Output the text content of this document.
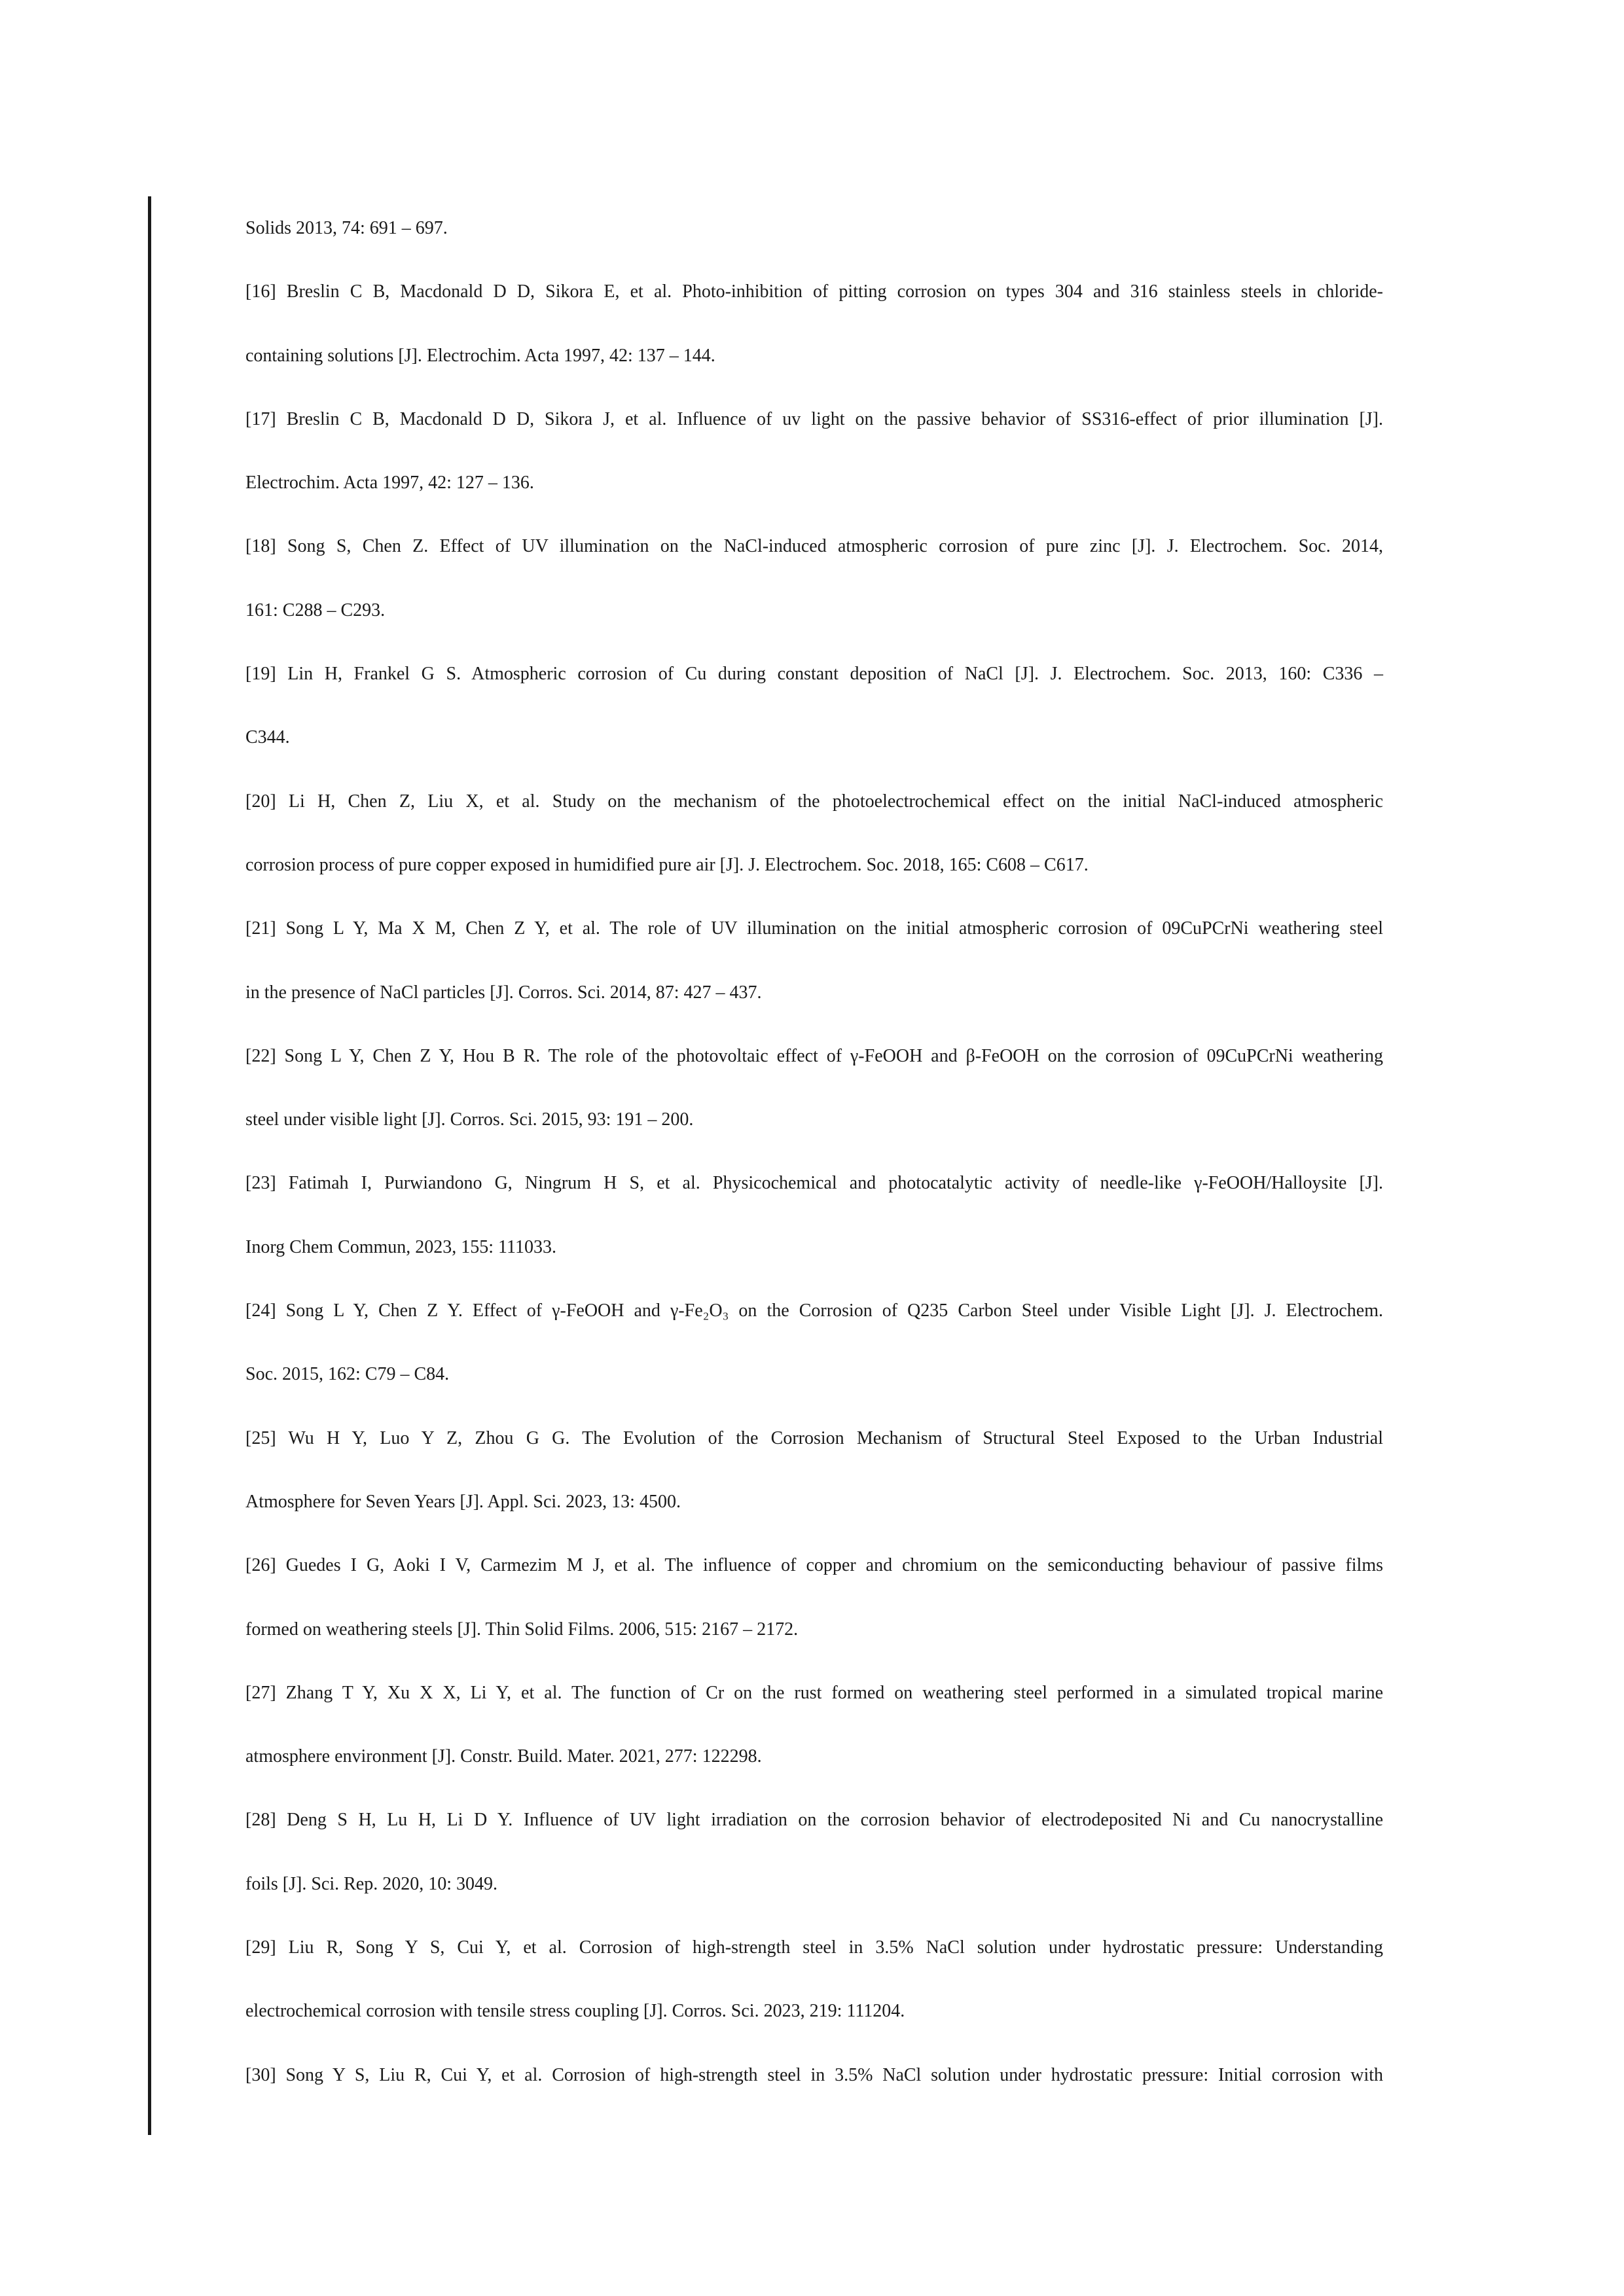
Solids 2013, 74: 691 – 697.
[16] Breslin C B, Macdonald D D, Sikora E, et al. Photo-inhibition of pitting corrosion on types 304 and 316 stainless steels in chloride-
containing solutions [J]. Electrochim. Acta 1997, 42: 137 – 144.
[17] Breslin C B, Macdonald D D, Sikora J, et al. Influence of uv light on the passive behavior of SS316-effect of prior illumination [J].
Electrochim. Acta 1997, 42: 127 – 136.
[18] Song S, Chen Z. Effect of UV illumination on the NaCl-induced atmospheric corrosion of pure zinc [J]. J. Electrochem. Soc. 2014,
161: C288 – C293.
[19] Lin H, Frankel G S. Atmospheric corrosion of Cu during constant deposition of NaCl [J]. J. Electrochem. Soc. 2013, 160: C336 –
C344.
[20] Li H, Chen Z, Liu X, et al. Study on the mechanism of the photoelectrochemical effect on the initial NaCl-induced atmospheric
corrosion process of pure copper exposed in humidified pure air [J]. J. Electrochem. Soc. 2018, 165: C608 – C617.
[21] Song L Y, Ma X M, Chen Z Y, et al. The role of UV illumination on the initial atmospheric corrosion of 09CuPCrNi weathering steel
in the presence of NaCl particles [J]. Corros. Sci. 2014, 87: 427 – 437.
[22] Song L Y, Chen Z Y, Hou B R. The role of the photovoltaic effect of γ-FeOOH and β-FeOOH on the corrosion of 09CuPCrNi weathering
steel under visible light [J]. Corros. Sci. 2015, 93: 191 – 200.
[23] Fatimah I, Purwiandono G, Ningrum H S, et al. Physicochemical and photocatalytic activity of needle-like γ-FeOOH/Halloysite [J].
Inorg Chem Commun, 2023, 155: 111033.
[24] Song L Y, Chen Z Y. Effect of γ-FeOOH and γ-Fe₂O₃ on the Corrosion of Q235 Carbon Steel under Visible Light [J]. J. Electrochem.
Soc. 2015, 162: C79 – C84.
[25] Wu H Y, Luo Y Z, Zhou G G. The Evolution of the Corrosion Mechanism of Structural Steel Exposed to the Urban Industrial
Atmosphere for Seven Years [J]. Appl. Sci. 2023, 13: 4500.
[26] Guedes I G, Aoki I V, Carmezim M J, et al. The influence of copper and chromium on the semiconducting behaviour of passive films
formed on weathering steels [J]. Thin Solid Films. 2006, 515: 2167 – 2172.
[27] Zhang T Y, Xu X X, Li Y, et al. The function of Cr on the rust formed on weathering steel performed in a simulated tropical marine
atmosphere environment [J]. Constr. Build. Mater. 2021, 277: 122298.
[28] Deng S H, Lu H, Li D Y. Influence of UV light irradiation on the corrosion behavior of electrodeposited Ni and Cu nanocrystalline
foils [J]. Sci. Rep. 2020, 10: 3049.
[29] Liu R, Song Y S, Cui Y, et al. Corrosion of high-strength steel in 3.5% NaCl solution under hydrostatic pressure: Understanding
electrochemical corrosion with tensile stress coupling [J]. Corros. Sci. 2023, 219: 111204.
[30] Song Y S, Liu R, Cui Y, et al. Corrosion of high-strength steel in 3.5% NaCl solution under hydrostatic pressure: Initial corrosion with
